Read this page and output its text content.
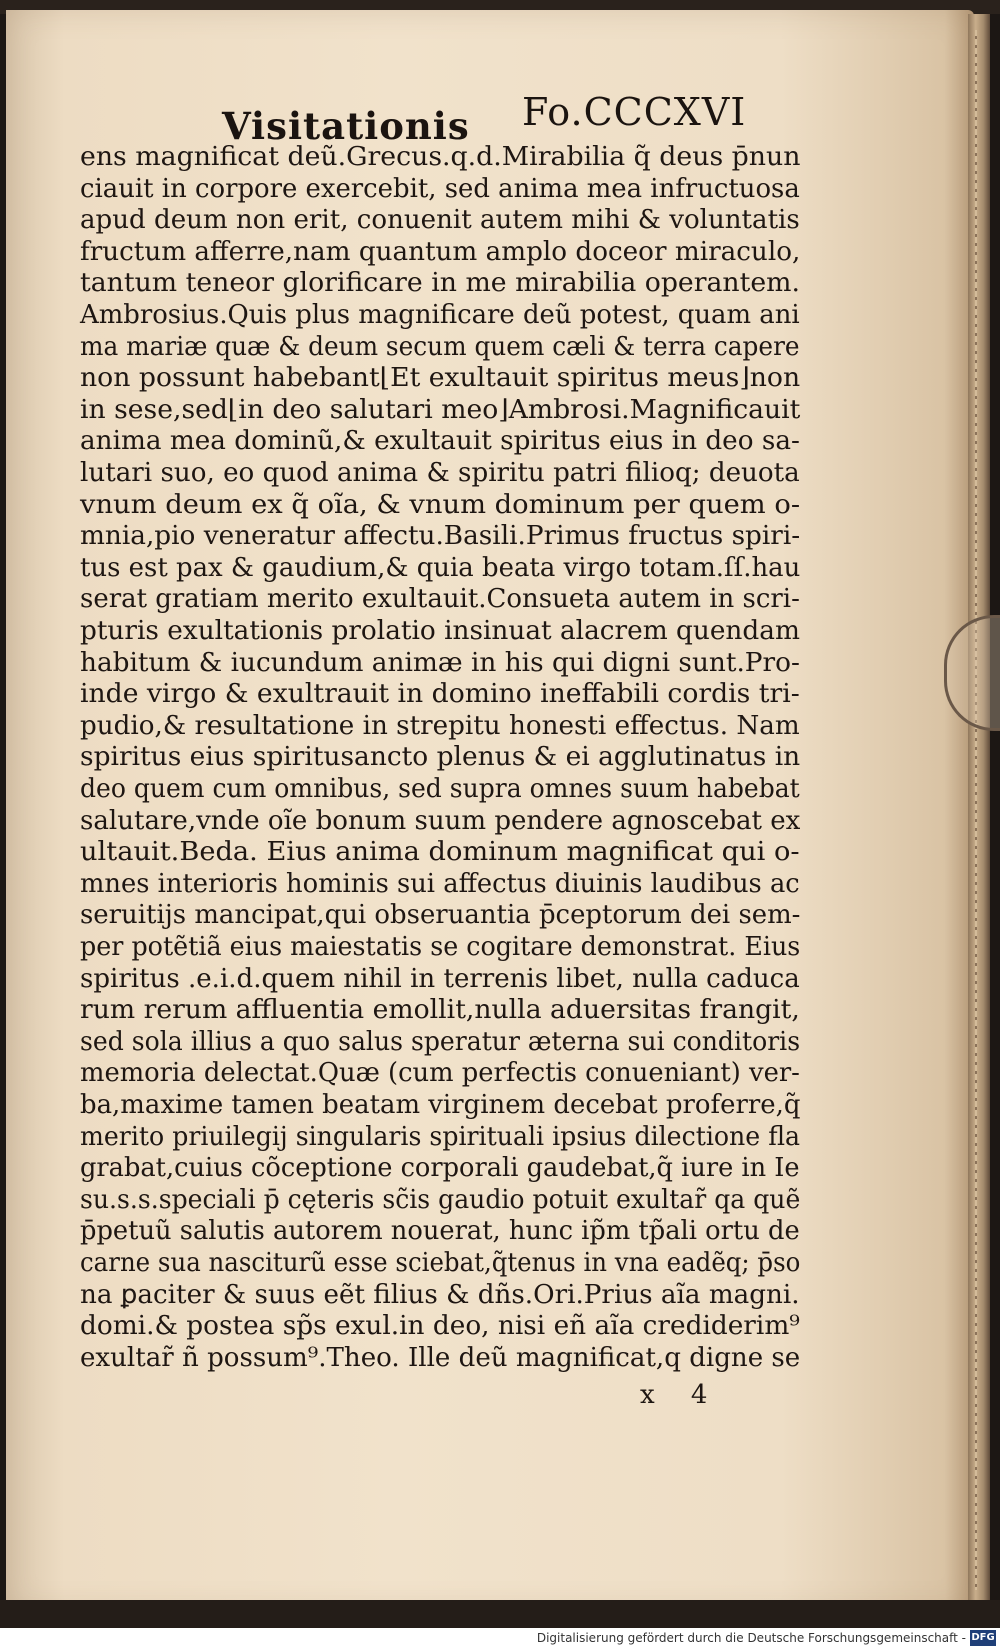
Visitationis Fo.CCCXVI
ens magnificat deũ.Grecus.q.d.Mirabilia q̃ deus p̄nun
ciauit in corpore exercebit, sed anima mea infructuosa
apud deum non erit, conuenit autem mihi & voluntatis
fructum afferre,nam quantum amplo doceor miraculo,
tantum teneor glorificare in me mirabilia operantem.
Ambrosius.Quis plus magnificare deũ potest, quam ani
ma mariæ quæ & deum secum quem cæli & terra capere
non possunt habebant⌊Et exultauit spiritus meus⌋non
in sese,sed⌊in deo salutari meo⌋Ambrosi.Magnificauit
anima mea dominũ,& exultauit spiritus eius in deo sa-
lutari suo, eo quod anima & spiritu patri filioq; deuota
vnum deum ex q̃ oĩa, & vnum dominum per quem o-
mnia,pio veneratur affectu.Basili.Primus fructus spiri-
tus est pax & gaudium,& quia beata virgo totam.ſſ.hau
serat gratiam merito exultauit.Consueta autem in scri-
pturis exultationis prolatio insinuat alacrem quendam
habitum & iucundum animæ in his qui digni sunt.Pro-
inde virgo & exultrauit in domino ineffabili cordis tri-
pudio,& resultatione in strepitu honesti effectus. Nam
spiritus eius spiritusancto plenus & ei agglutinatus in
deo quem cum omnibus, sed supra omnes suum habebat
salutare,vnde oĩe bonum suum pendere agnoscebat ex
ultauit.Beda. Eius anima dominum magnificat qui o-
mnes interioris hominis sui affectus diuinis laudibus ac
seruitijs mancipat,qui obseruantia p̄ceptorum dei sem-
per potẽtiã eius maiestatis se cogitare demonstrat. Eius
spiritus .e.i.d.quem nihil in terrenis libet, nulla caduca
rum rerum affluentia emollit,nulla aduersitas frangit,
sed sola illius a quo salus speratur æterna sui conditoris
memoria delectat.Quæ (cum perfectis conueniant) ver-
ba,maxime tamen beatam virginem decebat proferre,q̃
merito priuilegij singularis spirituali ipsius dilectione fla
grabat,cuius cõceptione corporali gaudebat,q̃ iure in Ie
su.s.s.speciali p̄ cęteris sc̃is gaudio potuit exultar̃ qa quẽ
p̄petuũ salutis autorem nouerat, hunc ip̃m tp̃ali ortu de
carne sua nasciturũ esse sciebat,q̃tenus in vna eadẽq; p̄so
na ꝑaciter & suus eẽt filius & dñs.Ori.Prius aĩa magni.
domi.& postea sp̃s exul.in deo, nisi eñ aĩa crediderim⁹
exultar̃ ñ possum⁹.Theo. Ille deũ magnificat,q digne se
x 4
Digitalisierung gefördert durch die Deutsche Forschungsgemeinschaft - DFG
